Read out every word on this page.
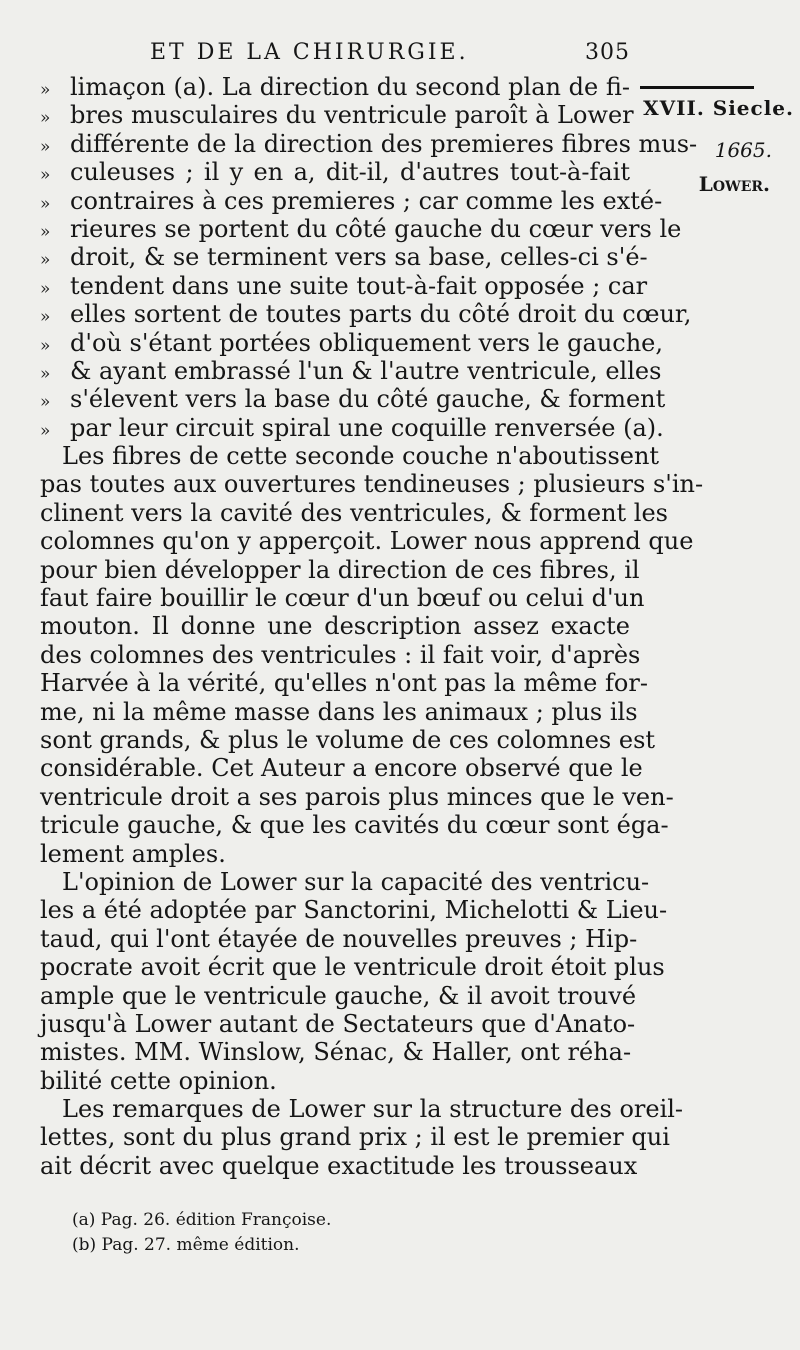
ET DE LA CHIRURGIE.	305
XVII. Siecle.
1665.
Lower.
» limaçon (a). La direction du second plan de fi-
» bres musculaires du ventricule paroît à Lower
» différente de la direction des premieres fibres mus-
» culeuses ; il y en a, dit-il, d'autres tout-à-fait
» contraires à ces premieres ; car comme les exté-
» rieures se portent du côté gauche du cœur vers le
» droit, & se terminent vers sa base, celles-ci s'é-
» tendent dans une suite tout-à-fait opposée ; car
» elles sortent de toutes parts du côté droit du cœur,
» d'où s'étant portées obliquement vers le gauche,
» & ayant embrassé l'un & l'autre ventricule, elles
» s'élevent vers la base du côté gauche, & forment
» par leur circuit spiral une coquille renversée (a).
Les fibres de cette seconde couche n'aboutissent
pas toutes aux ouvertures tendineuses ; plusieurs s'in-
clinent vers la cavité des ventricules, & forment les
colomnes qu'on y apperçoit. Lower nous apprend que
pour bien développer la direction de ces fibres, il
faut faire bouillir le cœur d'un bœuf ou celui d'un
mouton. Il donne une description assez exacte
des colomnes des ventricules : il fait voir, d'après
Harvée à la vérité, qu'elles n'ont pas la même for-
me, ni la même masse dans les animaux ; plus ils
sont grands, & plus le volume de ces colomnes est
considérable. Cet Auteur a encore observé que le
ventricule droit a ses parois plus minces que le ven-
tricule gauche, & que les cavités du cœur sont éga-
lement amples.
L'opinion de Lower sur la capacité des ventricu-
les a été adoptée par Sanctorini, Michelotti & Lieu-
taud, qui l'ont étayée de nouvelles preuves ; Hip-
pocrate avoit écrit que le ventricule droit étoit plus
ample que le ventricule gauche, & il avoit trouvé
jusqu'à Lower autant de Sectateurs que d'Anato-
mistes. MM. Winslow, Sénac, & Haller, ont réha-
bilité cette opinion.
Les remarques de Lower sur la structure des oreil-
lettes, sont du plus grand prix ; il est le premier qui
ait décrit avec quelque exactitude les trousseaux
(a) Pag. 26. édition Françoise.
(b) Pag. 27. même édition.
